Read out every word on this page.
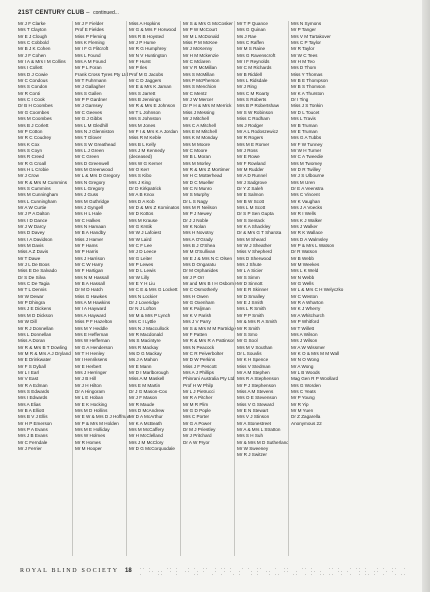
21ST CENTURY CLUB – continued...
Mr J F Clarke
Mrs T Clayton
Mr E J Clough
Mrs C Cobbold
Mr B J K Cohen
Mr J F Cohen
Mr I A & Mrs I M Collins
Mrs I Collett
Mrs D J Cowie
Mr C Condous
Mrs S Condon
Mr R Conti
Mrs C I Cook
Dr B H Coombes
Mr G Coombes
Mrs M Coombes
Mrs B J Corlett
Mr P Cotton
Mr R C Coudrey
Mrs K Cox
Mrs S Coyn
Mrs R Creed
Mr R G Croall
Mrs H L Crobie
Mr J Crow
Mr R & Mrs M Cummins
Mrs S Cummins
Mrs M Cunningham
Mrs L Cunningham
Mr A W Curtie
Mr J P A Dalton
Mrs I D Dance
Mr J W Darcy
Mrs D Davey
Mrs I A Davidson
Mrs M Davis
Miss A Z Davis
Mr T Dawe
Mr J L De Boos
Miss E De Salvado
Dr S De Silva
Mrs C De Tagia
Mr T L Dennis
Mr W Dewar
Mr P Dhingra
Mrs J E Dickens
Mrs M D Dickson
Mr W Dill
Mr R J Donnellan
Mrs L Donnellan
Miss A Doran
Mr R & Mrs B T Dowling
Mr M R & Mrs A J Dryland
Mr E Drinkwater
Mr F S Dyball
Mr L I Earl
Mr V East
Mr R A Edman
Mrs S Edwards
Mrs I Edwards
Mrs A Elias
Mr B A Elliott
Mrs B V J Ellis
Mr H P Emerson
Mrs P A Evans
Mrs J B Evans
Mr C Ferndale
Mr J Ferrier
Mr J F Fielder
Prof E Fieldes
Miss P Fleming
Mrs K Fleming
Mr I F G Flitcroft
Mrs L Found
Mrs A M Found
Mr P L Foran
Frank Cross Tyres Pty Ltd
Mr T Fuhrmann
Mr J Gallagher
Mrs S Gallen
Mr P P Gardner
Mr J Garnsey
Mr C Geeves
Mr G J Gibbs
Mrs L M Gledhill
Mrs N J Glenniston
Mrs T Glover
Mrs S W Greathead
Mrs L J Green
Mr C Green
Mrs D Greenwell
Mrs M Greenwood
Mr L & Mrs D Gregory
Mrs N Gregory
Mrs L Gregory
Mrs J Guss
Mrs M Guthridge
Mrs J Gyngell
Mrs H L Hale
Mr C Halkes
Mrs N Hamaan
Mr B A Handby
Miss J Hamer
Mr F Hams
Mr P Harris
Mrs J Harrison
Mr C W Harry
Mr F Hartigan
Mrs N M Hassall
Mr B A Hassall
Dr M D Hatch
Miss G Hawkes
Mrs A M Hawkins
Mr I A Hayward
Mrs A Hayward
Miss P F Hazelton
Mrs M Y Heddle
Mrs E Heffernan
Mrs W Heffernan
Mr G A Henderson
Mr T H Henley
Mr I Henriksens
Mr E Herbert
Mrs J Herringer
Mr J B Hill
Mr J H Hilton
Dr A Hingoram
Mr L E Hoban
Mr E K Hocking
Mrs M D Hollins
Mr E W & Mrs D J Hoffman
Mr P & Mrs M Holden
Mrs M E Holliday
Mrs W Holmes
Mr R Homes
Mr M Hooper
Miss A Hopkins
Mr G & Mrs F Horwood
Mrs R B Hoysted
Mr J P Hume
Mr R G Humphrey
Mr N V Huntington
Mr F Hurst
Mr P Iles
Prof M G Jacobs
Mr C D Jaggers
Mr E & Mrs K Jaman
Mrs S Jarrett
Mrs B Jennings
Mr R & Mrs E Johnson
Mr T L Johnson
Mrs S Johnston
Mrs M Jones
Mr F I & Mrs K A Jordan
Miss R M Keble
Mrs B L Kelly
Mrs J M Kennedy
(deceased)
Mrs W G Kerner
Mr O Kerr
Mrs S Kibo
Mrs J King
Dr D Kirkpatrick
Mr A B Knox
Mrs D A Kob
Mr D & Mrs Z Kominatos
Mr D Kottos
Mrs M Krause
Mr G Krstik
Mr W J Lafoiest
Mr W Laird
Mr C F Lee
Mr J D Leece
Mr G Leiter
Mr P Lewes
Mr D L Lewis
Mr W Lilly
Mr E Y H Liu
Mr C E & Mrs G Lockett
Mrs N Lockier
Dr J Loveridge
Dr N J Lofton
Mr M & Mrs P Lynch
Mrs C I Lyttle
Mrs N J Maccullock
Mr R Macdonald
Ms S Macintyre
Mrs R Mackay
Ms D G Mackay
Ms J A Mahon
Mr E Mann
Mr D I Marlborough
Miss A M Maskell
Mrs E M Martin
Dr J G Mason-Cox
Mr J F Mason
Mr R Maude
Mrs D McAndrew
Mr D A McArthur
Mr K A McBeath
Mrs M McCaffery
Mr H McClelland
Mrs J M McClory
Mr D G McCorquodale
Mr S & Mrs G McCosker
Mr P W McCourt
Mr M L McDonald
Miss P M McKee
Mr J McKenny
Mr H M Mckenzie
Mr C Mclaren
Mr V R McMillan
Mrs S McMillan
Mrs P McPherson
Mrs S Menchion
Mr C Mentz
Mr J W Mercer
Dr P H & Mrs M Merrick
Miss J Messing
Mr J Mitchell
Mrs C A Mitchell
Mrs E M Mitchell
Mrs K M Monday
Mrs M Moore
Mr C Moore
Mr B L Moran
Mrs M Morley
Mr R & Mrs Z Mortimer
Mr H C Motterhead
Mr D C Mueller
Mr C N Munro
Mr S Murphy
Dr L S Nagy
Mrs M R Neilson
Mr P J Newey
Dr J J Noble
Mr K Nolan
Mrs H Novotny
Mrs A O'Grady
Mrs B J O'Shea
Mr M O'Sullivan
Mr E J & Mrs N C Olsen
Mrs D Ongaratu
Dr M Orphanides
Mr J P Orr
Mr and Mrs B I H Osborne
Mr C Osmotherly
Mrs H Owen
Mr G Oxenham
Mr K Paljman
Mr K V Parish
Mrs J V Parry
Mr S & Mrs M M Partridge
Mr F Patten
Mr R & Mrs R A Pattinson
Mrs N Peacock
Mr C R Peiverbolter
Mr D W Perkins
Miss J F Pescott
Mrs A J Phillips
Phinrani Australia Pty Ltd
Prof H W Philp
Mr L J Pietrucci
Mr R A Pitcher
Mr M R Plim
Mr G D Pople
Mrs C Porter
Mr G A Power
Dr M J Priestley
Mr J Pritchard
Dr A W Pryor
Mr T P Quance
Mrs G Quinan
Ms J Rae
Mrs C Raffen
Mr M S Raine
Mrs G Ravenscroft
Mr I F Reynolds
Mr C M Richards
Mr B Riddell
Mrs L Ridsdale
Mr J Ring
Mrs C M Roarty
Mrs S Roberts
Mrs B P Robertshaw
Mr S W Robinson
Miss C Rodham
Ms J Rodger
Mr A L Rodoszewicz
Mr R Rogers
Mrs M E Romer
Mr J Ross
Mr E Rowe
Mr F Rowland
Mr M Rudder
Mr A D Runnel
Mr J Sadgrove
Dr Y Z Saleh
Mr E Salmon
Mr B W Scott
Mrs L M Scott
Dr S P Sen Gupta
Mr S Sentack
Mr K A Shackley
Dr & Mrs G T Sharota
Mrs M Sheard
Mr W J Sheather
Miss V Shepherd
Mrs D Sherwood
Mrs J Shute
Mr L A Sicier
Mr S Simm
Mr D Sinnott
Mr E R Skinner
Mr D Smalley
Mr E J Smith
Mrs L R Smith
Mr P P Smith
Mr & Mrs R A Smith
Mr R Smith
Mr S Smo
Mr G Sool
Mrs M V Southan
Dr L Souvlis
Mr K H Spence
Miss V Stedman
Mr A M Stephen
Mrs R A Stephenson
Mr P J Stephenson
Miss A M Stevens
Mrs O E Stevenson
Miss V G Steward
Mr E N Stewart
Mrs V J Stinson
Mr A Stonestreet
Mr A & Mrs L Stratton
Mrs S H Suh
Mr & Mrs M D Sutherland
Mr W Sweeney
Mr R J Switzer
Mrs N Symons
Mr P Tanger
Mrs V M Tartakover
Mrs C P Taylor
Mr R Taylor
Mr W C Tees
Mr H M Teo
Mrs D Thom
Miss Y Thomas
Mr B E Thompson
Mr B S Thomson
Mr K A Thurston
Dr I Ting
Miss J S Tonkin
Mr D L Toucet
Mrs L Travis
Mr B Truman
Mr E Truman
Mrs G A Tubbs
Mr F W Tunney
Mr W H Turner
Mr C A Tweedie
Mrs M Twomey
Mr D R Twilley
Mr J S Ulbourne
Mrs M Uren
Dr E A Veenstra
Mrs C Vincent
Mr K Vaughan
Mrs J A Voecks
Mr R I Wells
Mrs K J Walker
Mrs J Walker
Mr R K Wallace
Mrs D A Walmsley
Mr P & Mrs L Watson
Dr R Watson
Mr B Webb
Mr M Weekes
Mrs L K Weld
Mr N Webb
Mr G Wells
Mr L & Mrs C H Welyczko
Mr C Weston
Mr R A Wharton
Mr K J Wherry
Mr A Whitchurch
Mr P Whitford
Mr T Willett
Mrs A Wilson
Mrs J Wilson
Mr A W Wissmer
Mr K O & Mrs M M Wall
Mr N O Wong
Mr A Wong
Mr L B Woods
Mag Gen R P Woollard
Mrs G Worden
Mrs C Yeats
Mr P Young
Mr R Yip
Mr M Yuen
Dr Z Zagarella
Anonymous 22
ROYAL BLIND SOCIETY 18
